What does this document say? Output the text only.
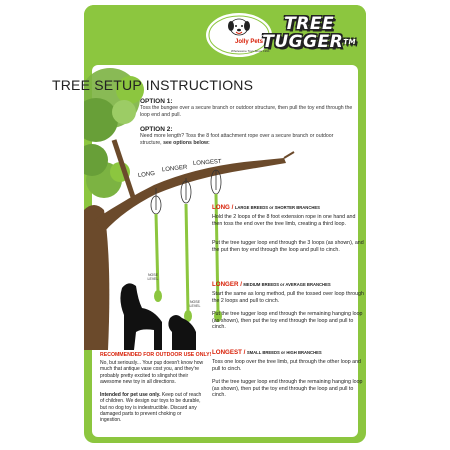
Jolly Pets
Wholesome Toys Since 1991
TREE
TUGGER™
TREE SETUP INSTRUCTIONS
OPTION 1:
Toss the bungee over a secure branch or outdoor structure, then pull the toy end through the loop end and pull.
OPTION 2:
Need more length? Toss the 8 foot attachment rope over a secure branch or outdoor structure, see options below:
LONG
LONGER
LONGEST
NOSE LEVEL
NOSE LEVEL
LONG / LARGE BREEDS or SHORTER BRANCHES
Hold the 2 loops of the 8 foot extension rope in one hand and then toss the end over the tree limb, creating a third loop.
Put the tree tugger loop end through the 3 loops (as shown), and the put then toy end through the loop and pull to cinch.
LONGER / MEDIUM BREEDS or AVERAGE BRANCHES
Start the same as long method, pull the tossed over loop through the 2 loops and pull to cinch.
Put the tree tugger loop end through the remaining hanging loop (as shown), then put the toy end through the loop and pull to cinch.
LONGEST / SMALL BREEDS or HIGH BRANCHES
Toss one loop over the tree limb, put through the other loop and pull to cinch.
Put the tree tugger loop end through the remaining hanging loop (as shown), then put the toy end through the loop and pull to cinch.
RECOMMENDED FOR OUTDOOR USE ONLY!
No, but seriously... Your pup doesn't know how much that antique vase cost you, and they're probably pretty excited to slingshot their awesome new toy in all directions.
Intended for pet use only. Keep out of reach of children. We design our toys to be durable, but no dog toy is indestructible. Discard any damaged parts to prevent choking or ingestion.
